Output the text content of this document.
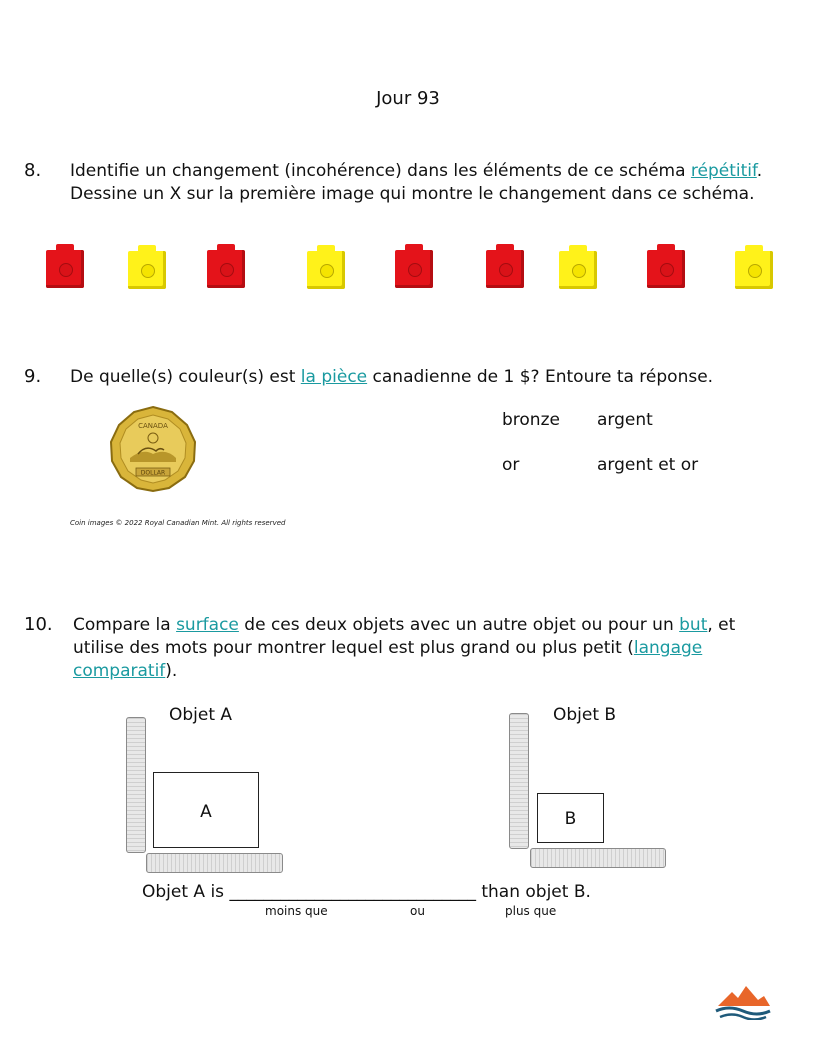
Jour 93
8. Identifie un changement (incohérence) dans les éléments de ce schéma répétitif.
Dessine un X sur la première image qui montre le changement dans ce schéma.
9. De quelle(s) couleur(s) est la pièce canadienne de 1 $? Entoure ta réponse.
CANADA
DOLLAR
bronze argent
or	argent et or
Coin images © 2022 Royal Canadian Mint. All rights reserved
10. Compare la surface de ces deux objets avec un autre objet ou pour un but, et
utilise des mots pour montrer lequel est plus grand ou plus petit (langage
comparatif).
Objet A
A
Objet B
B
Objet A is _____________________________ than objet B.
moins que	ou	plus que
